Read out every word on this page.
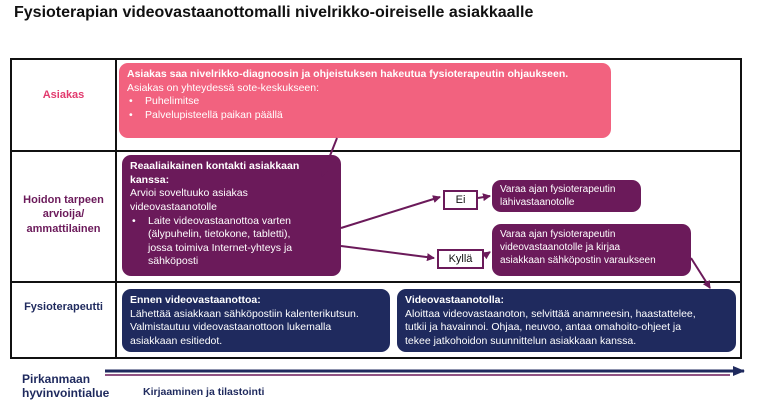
Fysioterapian videovastaanottomalli nivelrikko-oireiselle asiakkaalle
Asiakas
Hoidon tarpeen
arvioija/
ammattilainen
Fysioterapeutti
Asiakas saa nivelrikko-diagnoosin ja ohjeistuksen hakeutua fysioterapeutin ohjaukseen.
Asiakas on yhteydessä sote-keskukseen:
• Puhelimitse
• Palvelupisteellä paikan päällä
Reaaliaikainen kontakti asiakkaan
kanssa:
Arvioi soveltuuko asiakas
videovastaanotolle
• Laite videovastaanottoa varten
(älypuhelin, tietokone, tabletti),
jossa toimiva Internet-yhteys ja
sähköposti
Varaa ajan fysioterapeutin
lähivastaanotolle
Varaa ajan fysioterapeutin
videovastaanotolle ja kirjaa
asiakkaan sähköpostin varaukseen
Ennen videovastaanottoa:
Lähettää asiakkaan sähköpostiin kalenterikutsun.
Valmistautuu videovastaanottoon lukemalla
asiakkaan esitiedot.
Videovastaanotolla:
Aloittaa videovastaanoton, selvittää anamneesin, haastattelee,
tutkii ja havainnoi. Ohjaa, neuvoo, antaa omahoito-ohjeet ja
tekee jatkohoidon suunnittelun asiakkaan kanssa.
Ei
Kyllä
Pirkanmaan
hyvinvointialue	Kirjaaminen ja tilastointi
